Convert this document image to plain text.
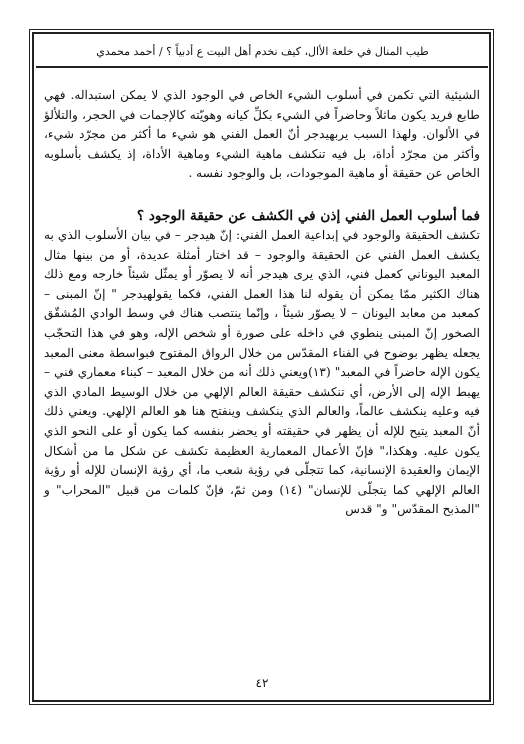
طيب المنال في خلعة الأال، كيف نخدم أهل البيت ع أدبياً ؟ / أحمد محمدي

الشيئية التي تكمن في أسلوب الشيء الخاص في الوجود الذي لا يمكن استبداله. فهي طابع فريد يكون ماثلاً وحاضراً في الشيء بكلِّ كيانه وهويّته كالإجمات في الحجر، والتلألؤ في الألوان. ولهذا السبب يربهيدجر أنّ العمل الفني هو شيء ما أكثر من مجرّد شيء، وأكثر من مجرّد أداة، بل فيه تنكشف ماهية الشيء وماهية الأداة، إذ يكشف بأسلوبه الخاص عن حقيقة أو ماهية الموجودات، بل والوجود نفسه .

فما أسلوب العمل الفني إذن في الكشف عن حقيقة الوجود ؟

تكشف الحقيقة والوجود في إبداعية العمل الفني: إنّ هيدجر – في بيان الأسلوب الذي به يكشف العمل الفني عن الحقيقة والوجود – قد اختار أمثلة عديدة، أو من بينها مثال المعبد اليوناني كعمل فني، الذي يرى هيدجر أنه لا يصوّر أو يمثّل شيئاً خارجه ومع ذلك هناك الكثير ممّا يمكن أن يقوله لنا هذا العمل الفني، فكما يقولهيدجر " إنّ المبنى – كمعبد من معابد اليونان – لا يصوّر شيئاً ، وإنّما ينتصب هناك في وسط الوادي المُشقّق الصخور إنّ المبنى ينطوي في داخله على صورة أو شخص الإله، وهو في هذا التحجّب يجعله يظهر بوضوح في الفناء المقدّس من خلال الرواق المفتوح فبواسطة معنى المعبد يكون الإله حاضراً في المعبد" (١٣)ويعني ذلك أنه من خلال المعبد – كبناء معماري فني – يهبط الإله إلى الأرض، أي تنكشف حقيقة العالم الإلهي من خلال الوسيط المادي الذي فيه وعليه ينكشف عالماً، والعالم الذي ينكشف وينفتح هنا هو العالم الإلهي. ويعني ذلك أنّ المعبد يتيح للإله أن يظهر في حقيقته أو يحضر بنفسه كما يكون أو على النحو الذي يكون عليه. وهكذا،" فإنّ الأعمال المعمارية العظيمة تكشف عن شكل ما من أشكال الإيمان والعقيدة الإنسانية، كما تتجلّى في رؤية شعب ما، أي رؤية الإنسان للإله أو رؤية العالم الإلهي كما يتجلّى للإنسان" (١٤) ومن ثمّ، فإنّ كلمات من قبيل "المحراب" و "المذبح المقدّس" و" قدس

٤٢
